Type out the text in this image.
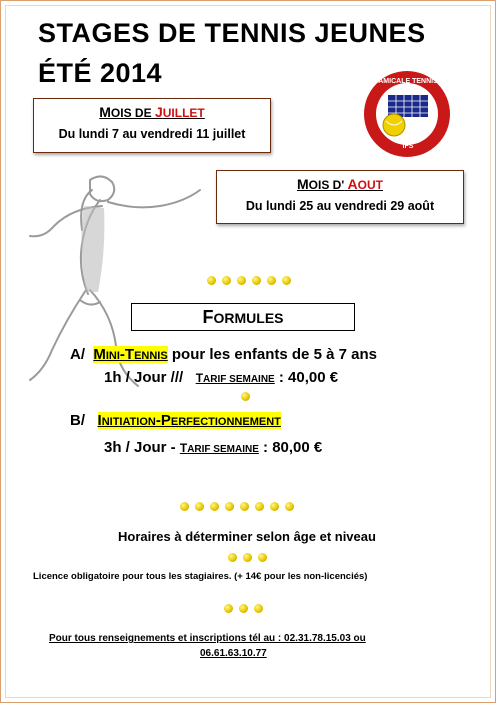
STAGES DE TENNIS JEUNES
ÉTÉ 2014	AMICALE TENNIS
IFS
MOIS DE JUILLET
Du lundi 7 au vendredi 11 juillet
MOIS D' AOUT
Du lundi 25 au vendredi 29 août
FORMULES
A/ MINI-TENNIS pour les enfants de 5 à 7 ans
1h / Jour /// TARIF SEMAINE : 40,00 €
B/ INITIATION-PERFECTIONNEMENT
3h / Jour - TARIF SEMAINE : 80,00 €
Horaires à déterminer selon âge et niveau
Licence obligatoire pour tous les stagiaires. (+ 14€ pour les non-licenciés)
Pour tous renseignements et inscriptions tél au : 02.31.78.15.03 ou
06.61.63.10.77
